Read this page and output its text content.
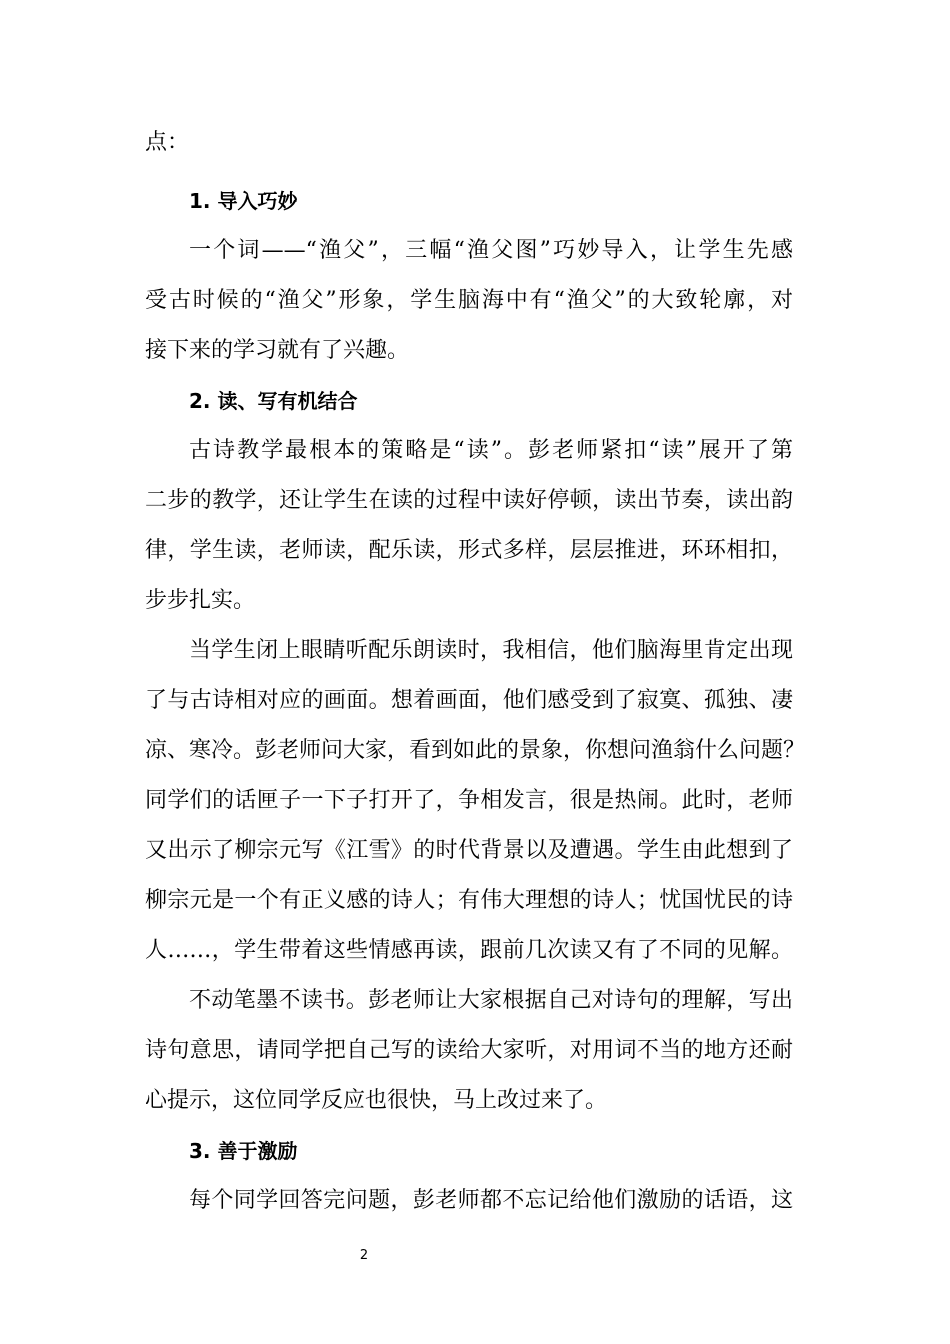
点：
1. 导入巧妙
一个词——“渔父”，三幅“渔父图”巧妙导入，让学生先感
受古时候的“渔父”形象，学生脑海中有“渔父”的大致轮廓，对
接下来的学习就有了兴趣。
2. 读、写有机结合
古诗教学最根本的策略是“读”。彭老师紧扣“读”展开了第
二步的教学，还让学生在读的过程中读好停顿，读出节奏，读出韵
律，学生读，老师读，配乐读，形式多样，层层推进，环环相扣，
步步扎实。
当学生闭上眼睛听配乐朗读时，我相信，他们脑海里肯定出现
了与古诗相对应的画面。想着画面，他们感受到了寂寞、孤独、凄
凉、寒冷。彭老师问大家，看到如此的景象，你想问渔翁什么问题？
同学们的话匣子一下子打开了，争相发言，很是热闹。此时，老师
又出示了柳宗元写《江雪》的时代背景以及遭遇。学生由此想到了
柳宗元是一个有正义感的诗人；有伟大理想的诗人；忧国忧民的诗
人……，学生带着这些情感再读，跟前几次读又有了不同的见解。
不动笔墨不读书。彭老师让大家根据自己对诗句的理解，写出
诗句意思，请同学把自己写的读给大家听，对用词不当的地方还耐
心提示，这位同学反应也很快，马上改过来了。
3. 善于激励
每个同学回答完问题，彭老师都不忘记给他们激励的话语，这
2
